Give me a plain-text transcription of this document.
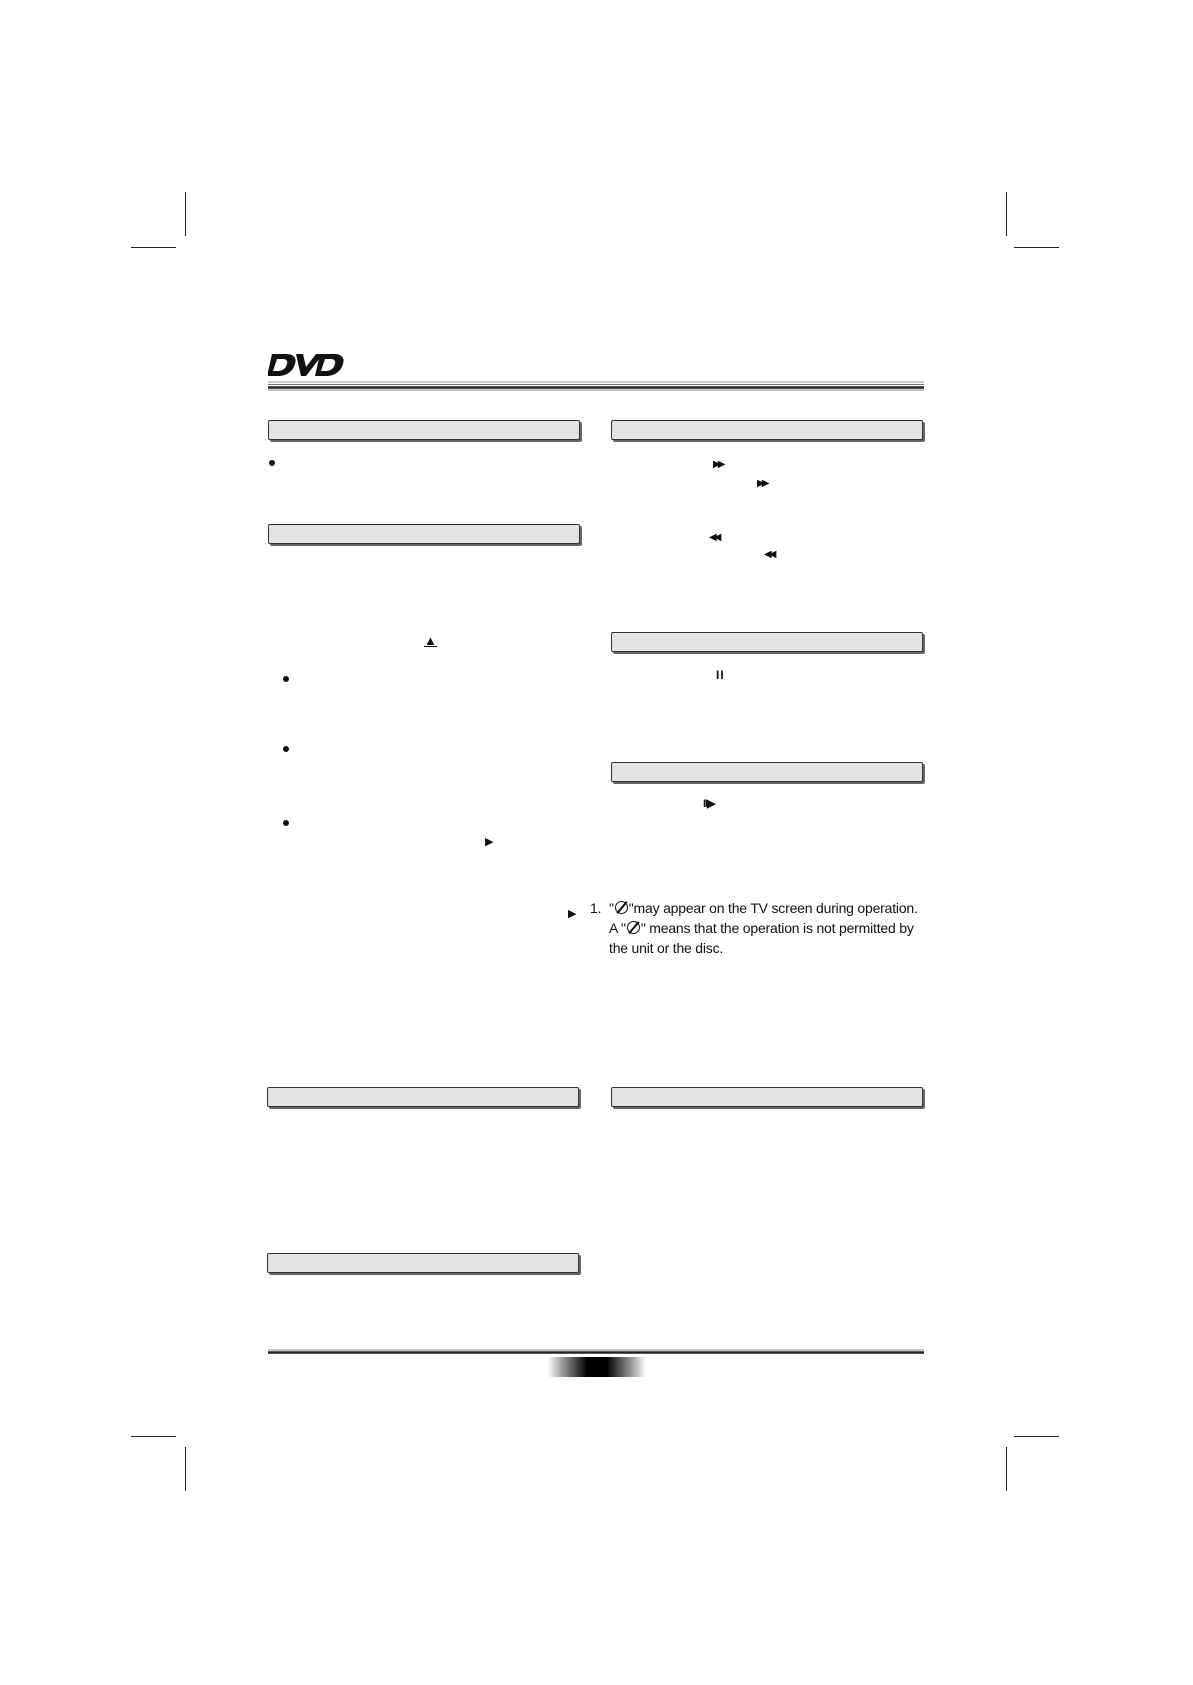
▲
▶
▶
▶▶
▶▶
◀◀
◀◀
II
II▶
1. " "may appear on the TV screen during operation.
A " " means that the operation is not permitted by
the unit or the disc.
